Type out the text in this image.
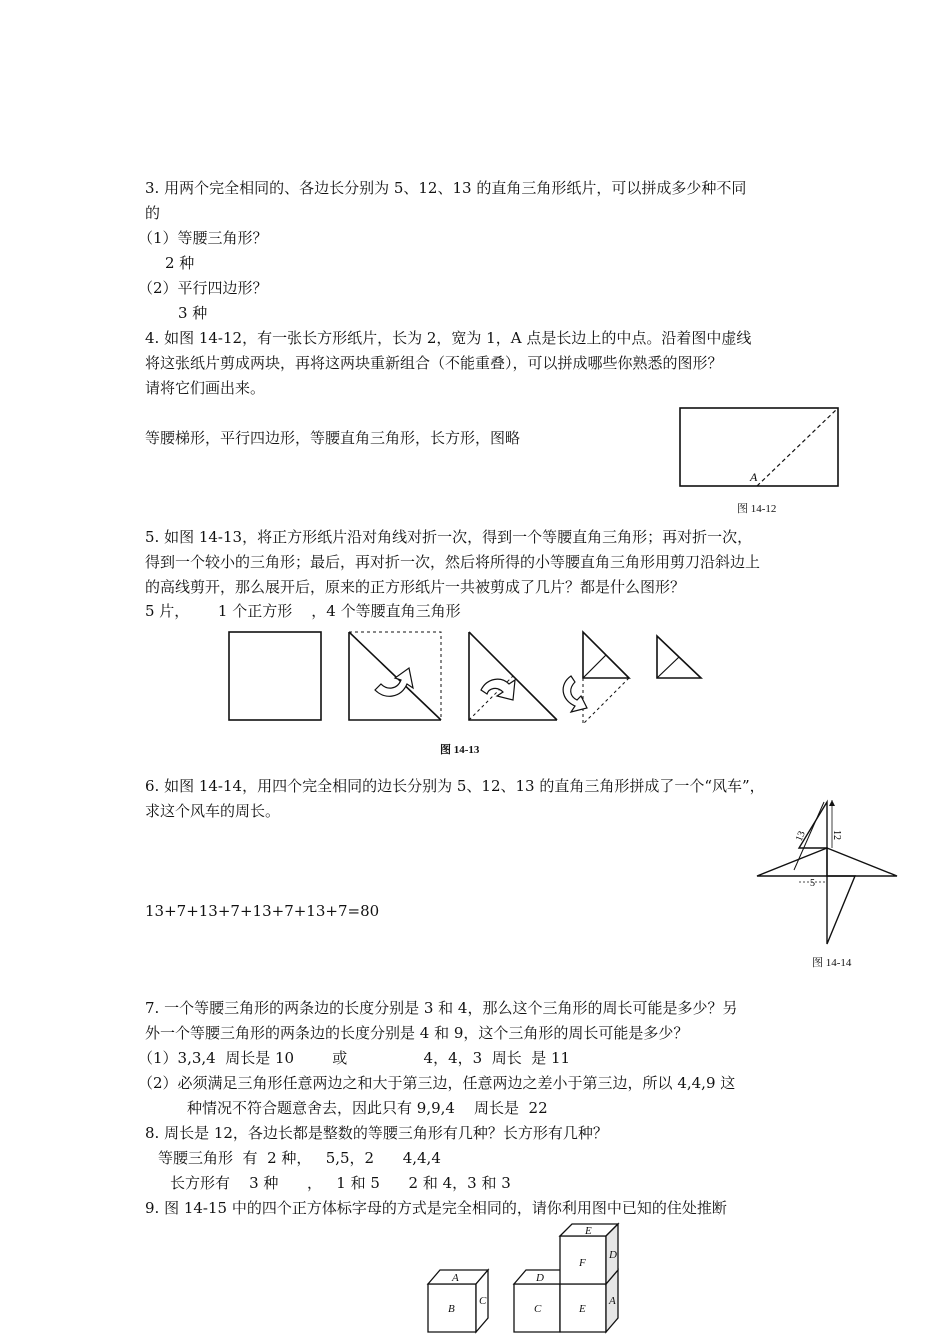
3. 用两个完全相同的、各边长分别为 5、12、13 的直角三角形纸片，可以拼成多少种不同
的
（1）等腰三角形？
2 种
（2）平行四边形？
3 种
4. 如图 14-12，有一张长方形纸片，长为 2，宽为 1，A 点是长边上的中点。沿着图中虚线
将这张纸片剪成两块，再将这两块重新组合（不能重叠），可以拼成哪些你熟悉的图形？
请将它们画出来。
等腰梯形，平行四边形，等腰直角三角形，长方形，图略
A
图 14-12
5. 如图 14-13，将正方形纸片沿对角线对折一次，得到一个等腰直角三角形；再对折一次，
得到一个较小的三角形；最后，再对折一次，然后将所得的小等腰直角三角形用剪刀沿斜边上
的高线剪开，那么展开后，原来的正方形纸片一共被剪成了几片？都是什么图形？
5 片，      1 个正方形    ，4 个等腰直角三角形
图 14-13
6. 如图 14-14，用四个完全相同的边长分别为 5、12、13 的直角三角形拼成了一个“风车”，
求这个风车的周长。
13+7+13+7+13+7+13+7=80
13 12
5
图 14-14
7. 一个等腰三角形的两条边的长度分别是 3 和 4，那么这个三角形的周长可能是多少？另
外一个等腰三角形的两条边的长度分别是 4 和 9，这个三角形的周长可能是多少？
（1）3,3,4  周长是 10        或                4，4，3  周长  是 11
（2）必须满足三角形任意两边之和大于第三边，任意两边之差小于第三边，所以 4,4,9 这
种情况不符合题意舍去，因此只有 9,9,4    周长是  22
8. 周长是 12，各边长都是整数的等腰三角形有几种？长方形有几种？
等腰三角形  有  2 种，   5,5，2      4,4,4
长方形有    3 种      ，   1 和 5      2 和 4，3 和 3
9. 图 14-15 中的四个正方体标字母的方式是完全相同的，请你利用图中已知的住处推断
A
B
C
D
C	E
A
F
E
D
